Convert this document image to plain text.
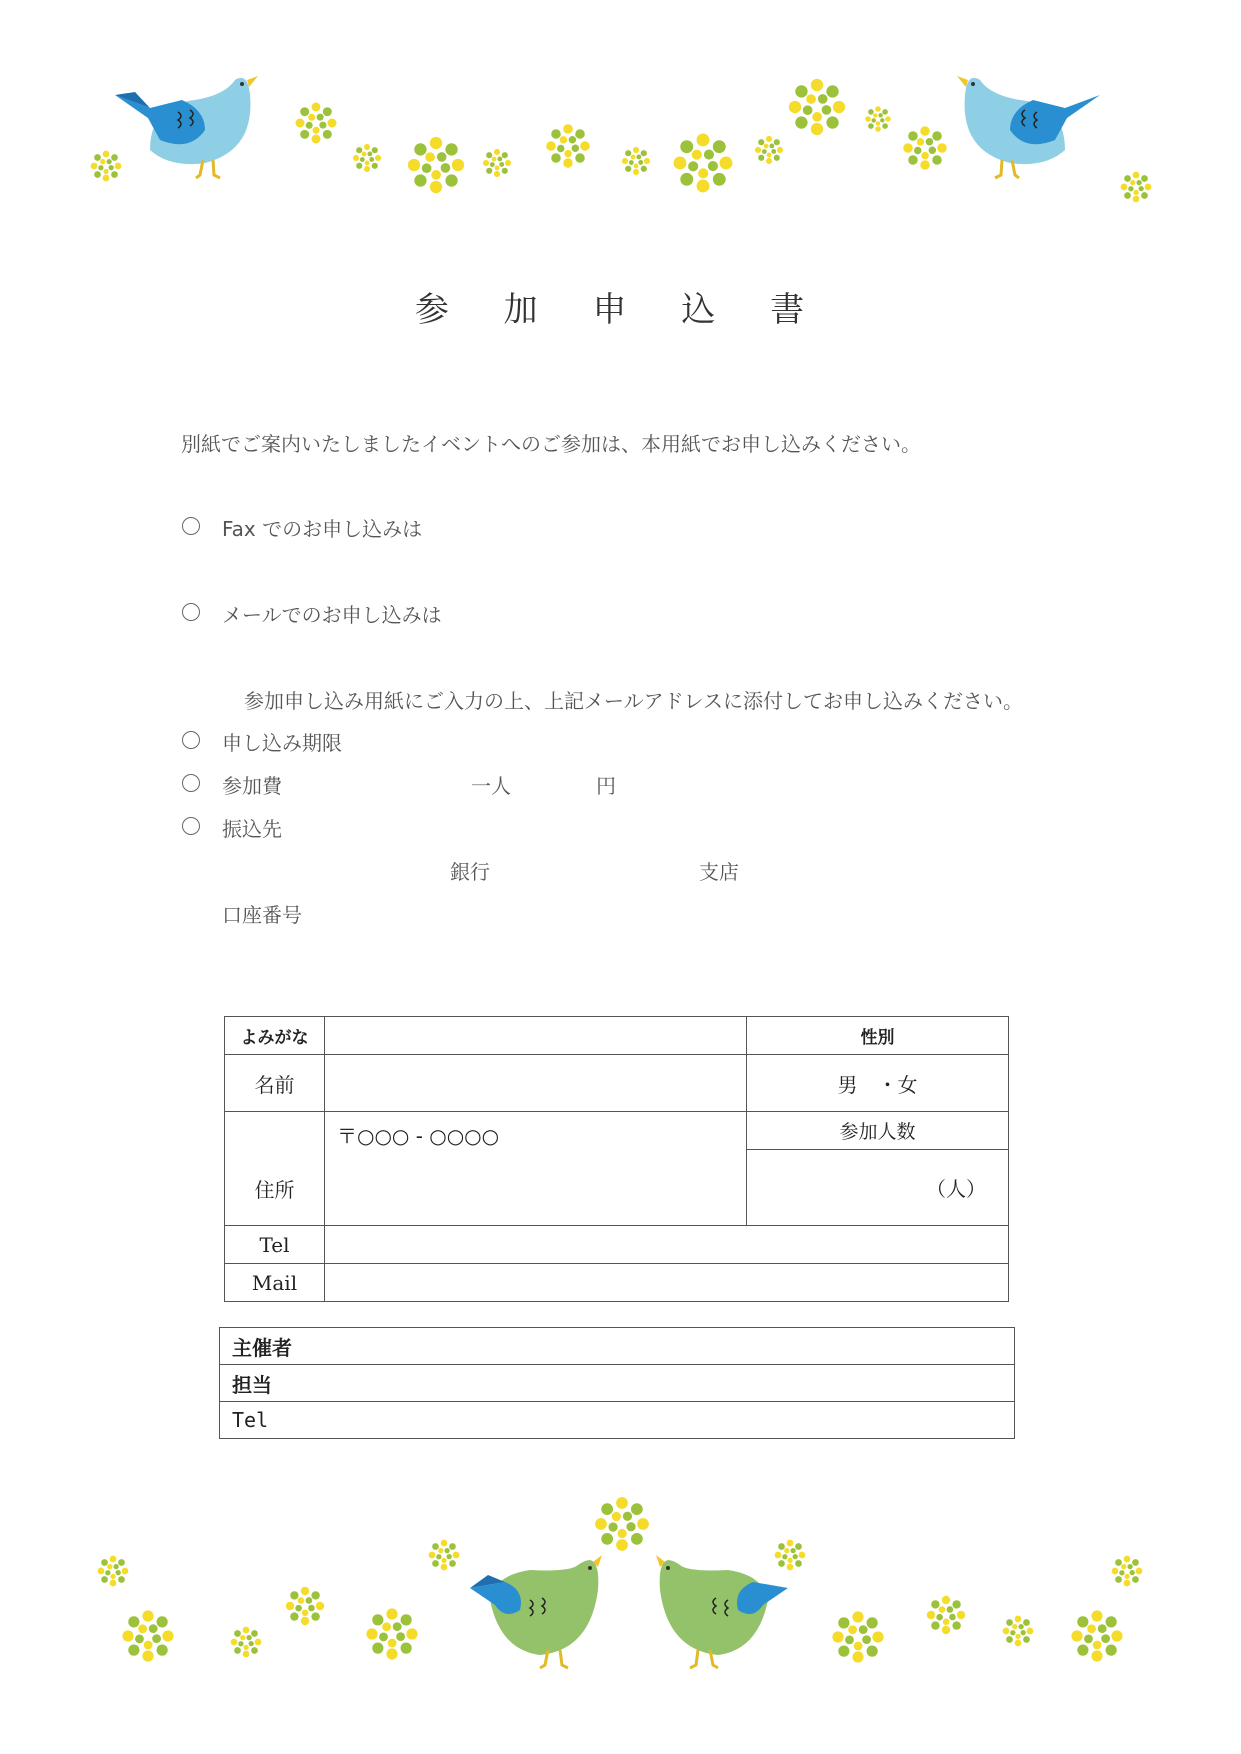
参 加 申 込 書
別紙でご案内いたしましたイベントへのご参加は、本用紙でお申し込みください。
Fax でのお申し込みは
メールでのお申し込みは
参加申し込み用紙にご入力の上、上記メールアドレスに添付してお申し込みください。
申し込み期限
参加費	一人	円
振込先
銀行	支店
口座番号
よみがな		性別
名前		男　・女
住所	〒○○○ - ○○○○	参加人数
		（人）
Tel		
Mail		
主催者
担当
Tel
